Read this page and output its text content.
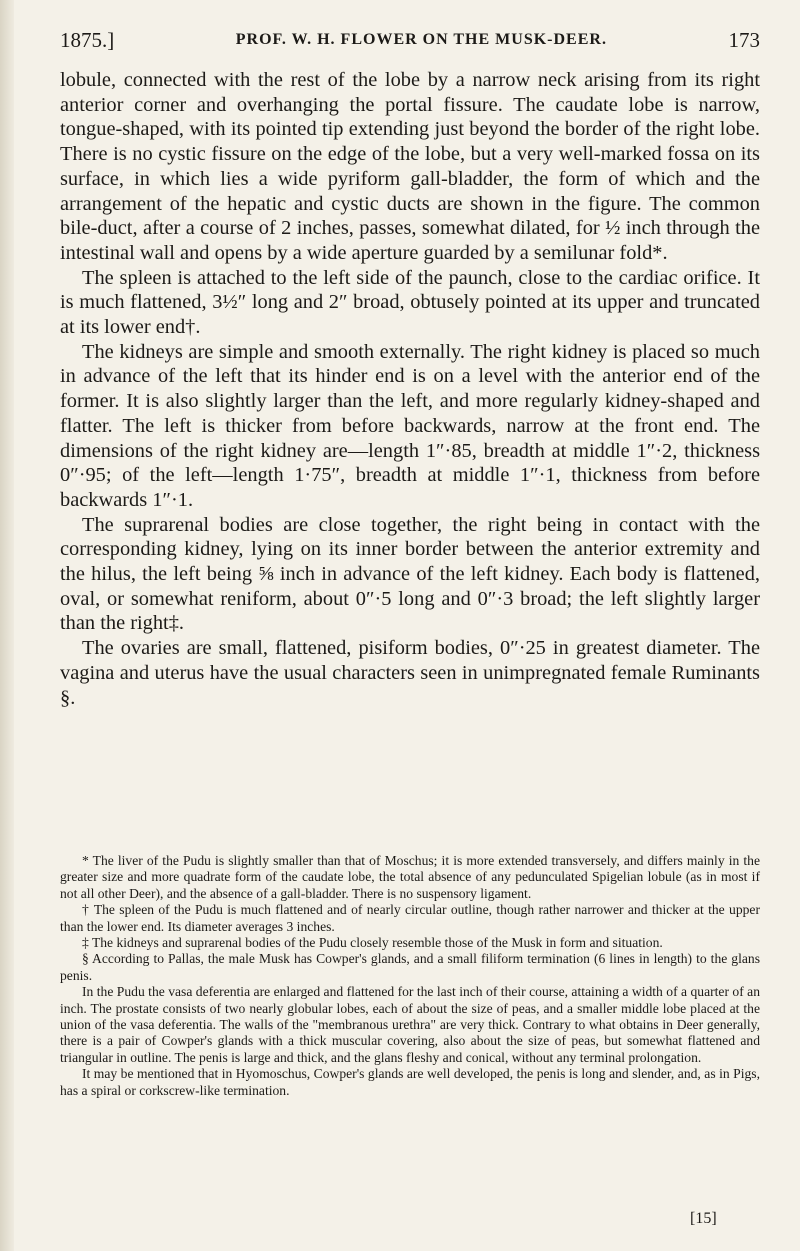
1875.]	PROF. W. H. FLOWER ON THE MUSK-DEER.	173

lobule, connected with the rest of the lobe by a narrow neck arising from its right anterior corner and overhanging the portal fissure. The caudate lobe is narrow, tongue-shaped, with its pointed tip extending just beyond the border of the right lobe. There is no cystic fissure on the edge of the lobe, but a very well-marked fossa on its surface, in which lies a wide pyriform gall-bladder, the form of which and the arrangement of the hepatic and cystic ducts are shown in the figure. The common bile-duct, after a course of 2 inches, passes, somewhat dilated, for ½ inch through the intestinal wall and opens by a wide aperture guarded by a semilunar fold*.

The spleen is attached to the left side of the paunch, close to the cardiac orifice. It is much flattened, 3½″ long and 2″ broad, obtusely pointed at its upper and truncated at its lower end†.

The kidneys are simple and smooth externally. The right kidney is placed so much in advance of the left that its hinder end is on a level with the anterior end of the former. It is also slightly larger than the left, and more regularly kidney-shaped and flatter. The left is thicker from before backwards, narrow at the front end. The dimensions of the right kidney are—length 1″·85, breadth at middle 1″·2, thickness 0″·95; of the left—length 1·75″, breadth at middle 1″·1, thickness from before backwards 1″·1.

The suprarenal bodies are close together, the right being in contact with the corresponding kidney, lying on its inner border between the anterior extremity and the hilus, the left being ⅝ inch in advance of the left kidney. Each body is flattened, oval, or somewhat reniform, about 0″·5 long and 0″·3 broad; the left slightly larger than the right‡.

The ovaries are small, flattened, pisiform bodies, 0″·25 in greatest diameter. The vagina and uterus have the usual characters seen in unimpregnated female Ruminants §.

* The liver of the Pudu is slightly smaller than that of Moschus; it is more extended transversely, and differs mainly in the greater size and more quadrate form of the caudate lobe, the total absence of any pedunculated Spigelian lobule (as in most if not all other Deer), and the absence of a gall-bladder. There is no suspensory ligament.

† The spleen of the Pudu is much flattened and of nearly circular outline, though rather narrower and thicker at the upper than the lower end. Its diameter averages 3 inches.

‡ The kidneys and suprarenal bodies of the Pudu closely resemble those of the Musk in form and situation.

§ According to Pallas, the male Musk has Cowper's glands, and a small filiform termination (6 lines in length) to the glans penis.

In the Pudu the vasa deferentia are enlarged and flattened for the last inch of their course, attaining a width of a quarter of an inch. The prostate consists of two nearly globular lobes, each of about the size of peas, and a smaller middle lobe placed at the union of the vasa deferentia. The walls of the "membranous urethra" are very thick. Contrary to what obtains in Deer generally, there is a pair of Cowper's glands with a thick muscular covering, also about the size of peas, but somewhat flattened and triangular in outline. The penis is large and thick, and the glans fleshy and conical, without any terminal prolongation.

It may be mentioned that in Hyomoschus, Cowper's glands are well developed, the penis is long and slender, and, as in Pigs, has a spiral or corkscrew-like termination.

[15]
